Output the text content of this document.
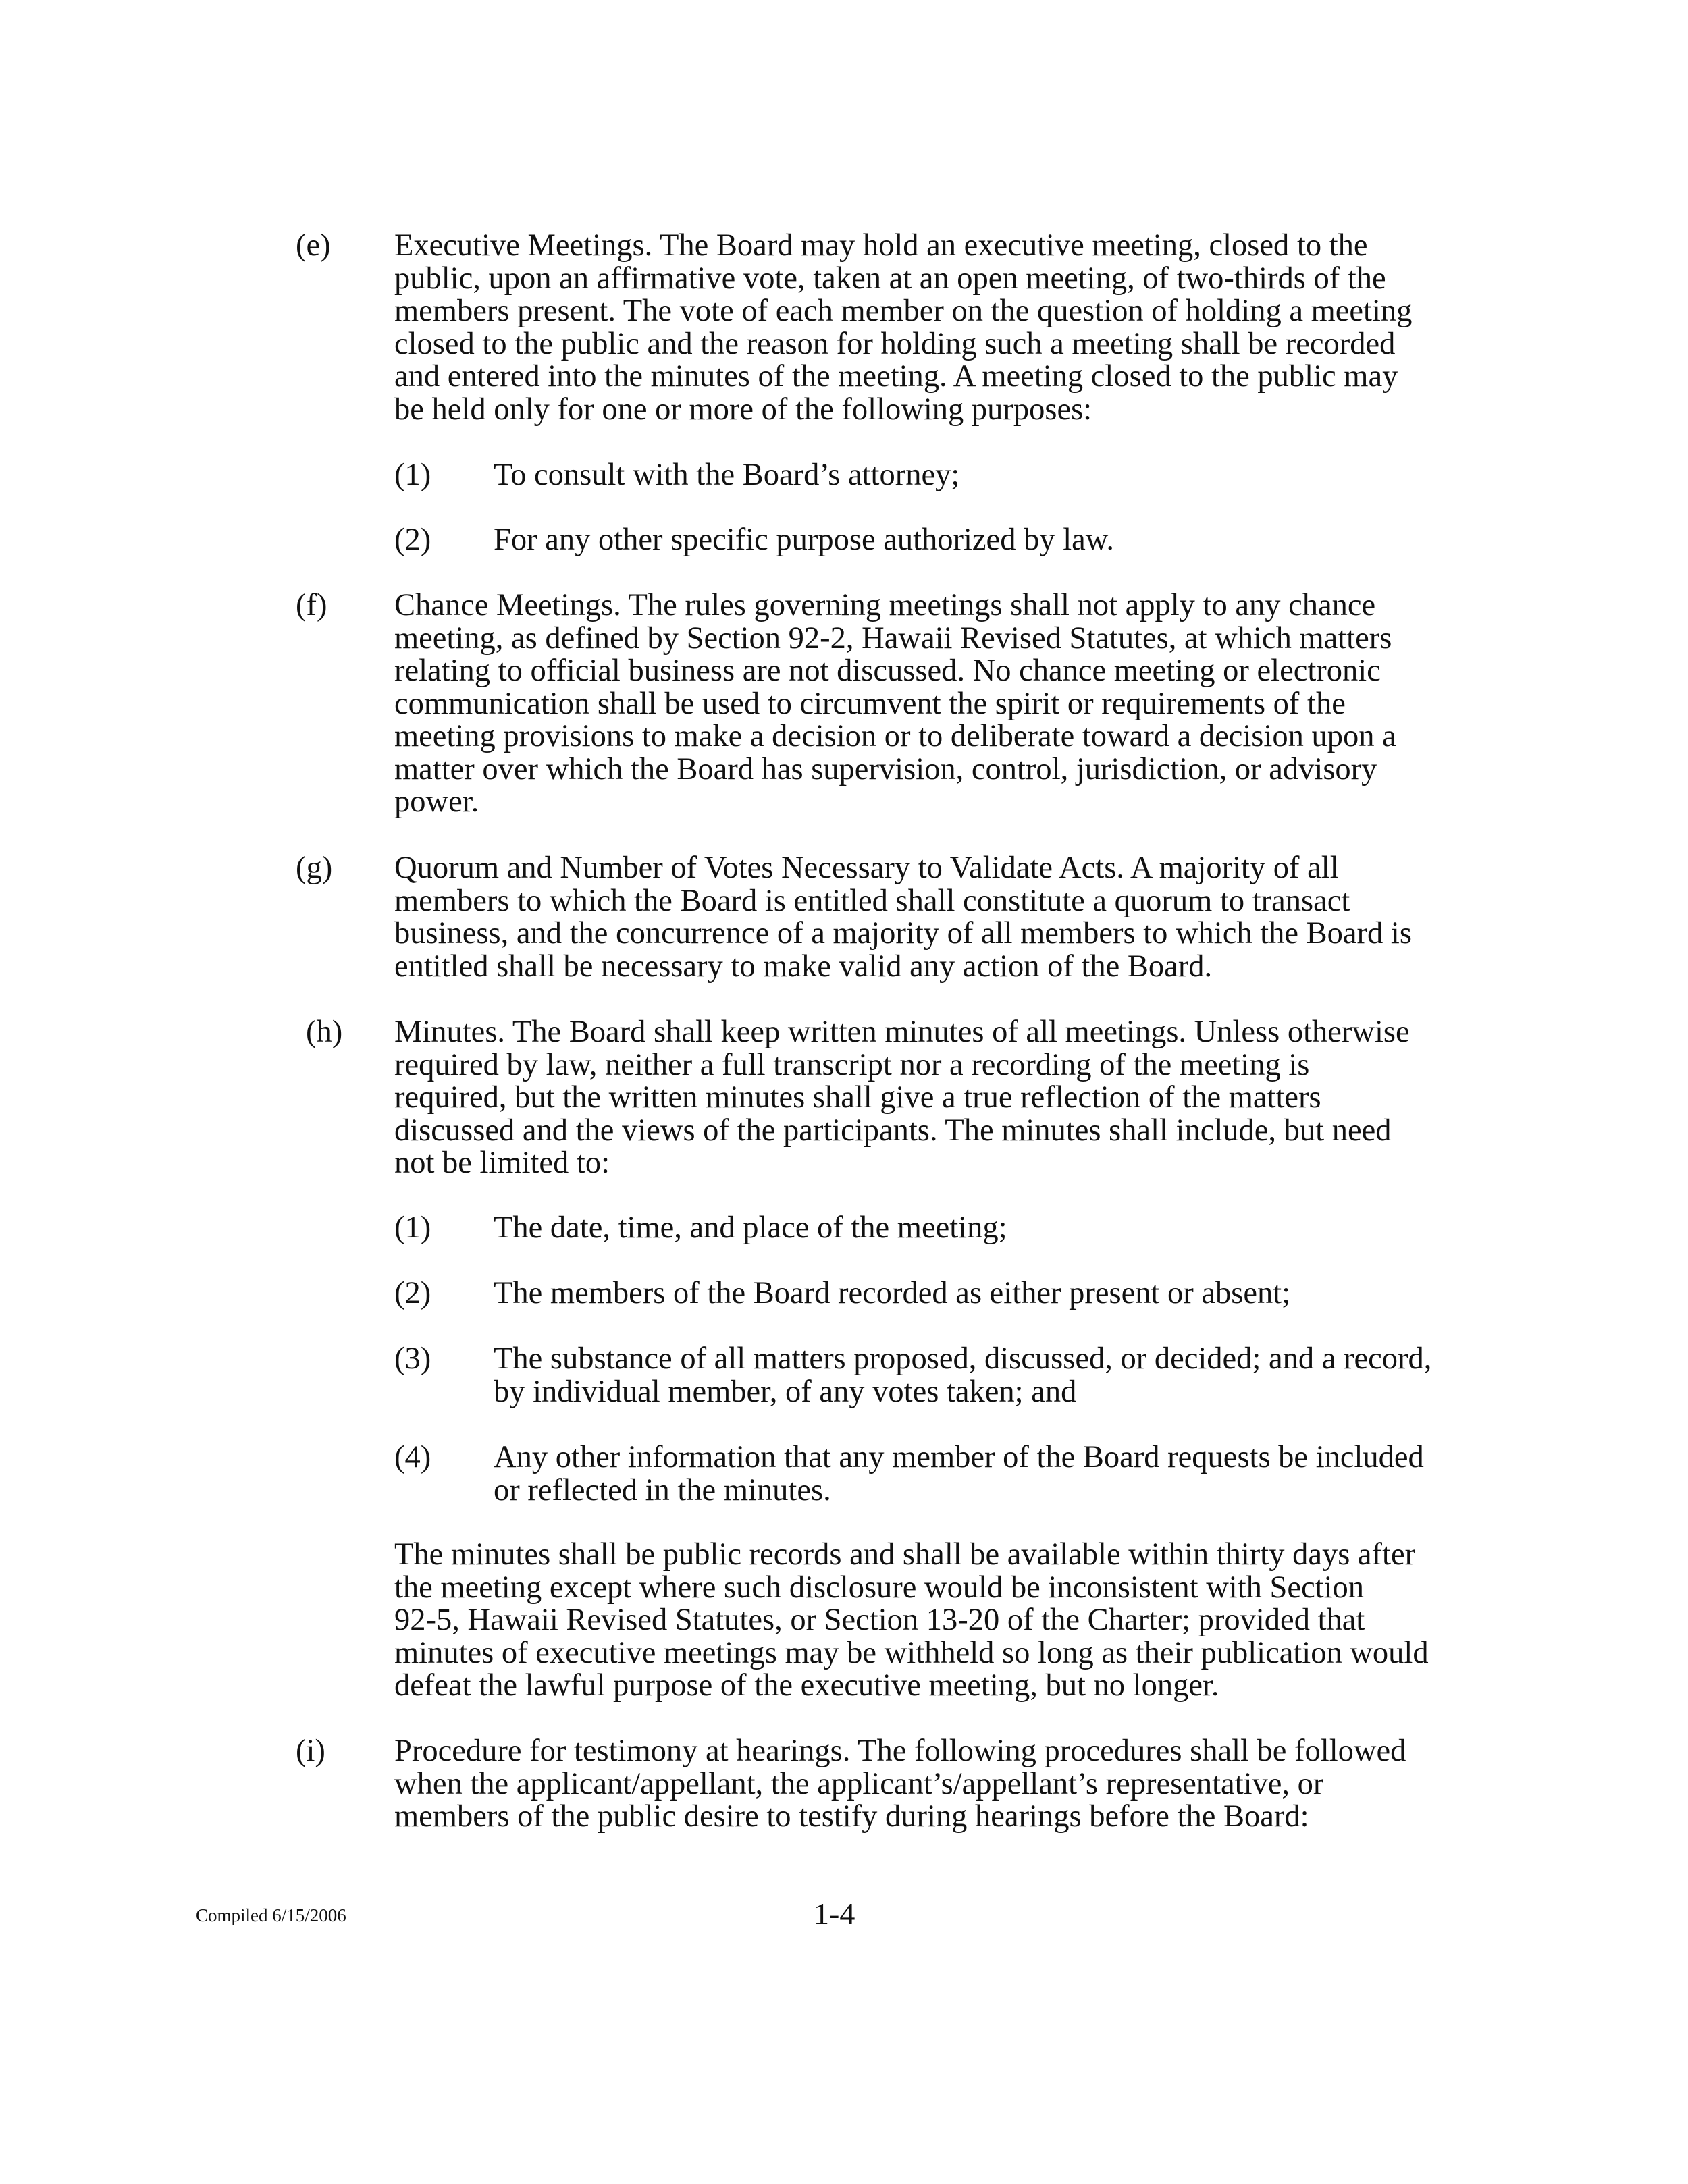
(e) Executive Meetings. The Board may hold an executive meeting, closed to the
public, upon an affirmative vote, taken at an open meeting, of two-thirds of the
members present. The vote of each member on the question of holding a meeting
closed to the public and the reason for holding such a meeting shall be recorded
and entered into the minutes of the meeting. A meeting closed to the public may
be held only for one or more of the following purposes:
(1) To consult with the Board’s attorney;
(2) For any other specific purpose authorized by law.
(f) Chance Meetings. The rules governing meetings shall not apply to any chance
meeting, as defined by Section 92-2, Hawaii Revised Statutes, at which matters
relating to official business are not discussed. No chance meeting or electronic
communication shall be used to circumvent the spirit or requirements of the
meeting provisions to make a decision or to deliberate toward a decision upon a
matter over which the Board has supervision, control, jurisdiction, or advisory
power.
(g) Quorum and Number of Votes Necessary to Validate Acts. A majority of all
members to which the Board is entitled shall constitute a quorum to transact
business, and the concurrence of a majority of all members to which the Board is
entitled shall be necessary to make valid any action of the Board.
(h) Minutes. The Board shall keep written minutes of all meetings. Unless otherwise
required by law, neither a full transcript nor a recording of the meeting is
required, but the written minutes shall give a true reflection of the matters
discussed and the views of the participants. The minutes shall include, but need
not be limited to:
(1) The date, time, and place of the meeting;
(2) The members of the Board recorded as either present or absent;
(3) The substance of all matters proposed, discussed, or decided; and a record,
by individual member, of any votes taken; and
(4) Any other information that any member of the Board requests be included
or reflected in the minutes.
The minutes shall be public records and shall be available within thirty days after
the meeting except where such disclosure would be inconsistent with Section
92-5, Hawaii Revised Statutes, or Section 13-20 of the Charter; provided that
minutes of executive meetings may be withheld so long as their publication would
defeat the lawful purpose of the executive meeting, but no longer.
(i) Procedure for testimony at hearings. The following procedures shall be followed
when the applicant/appellant, the applicant’s/appellant’s representative, or
members of the public desire to testify during hearings before the Board:
Compiled 6/15/2006	1-4
